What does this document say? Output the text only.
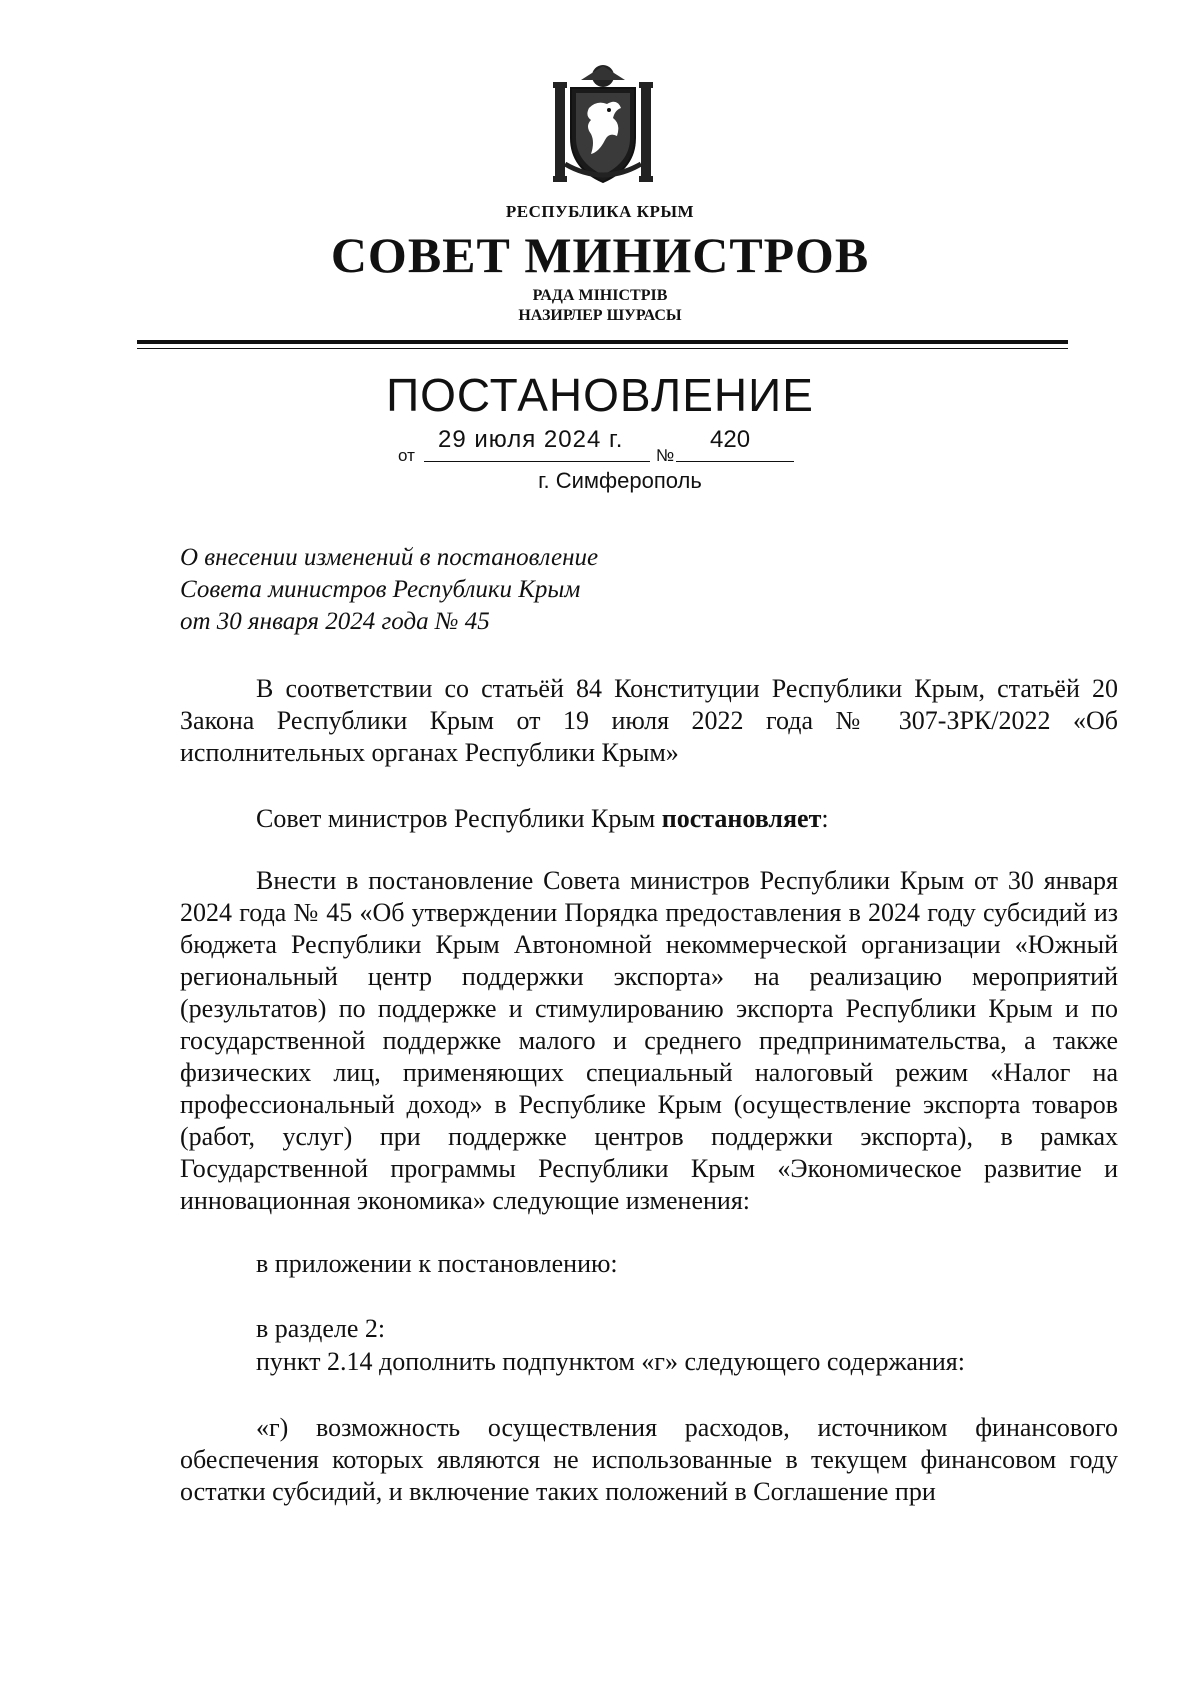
РЕСПУБЛИКА КРЫМ
СОВЕТ МИНИСТРОВ
РАДА МІНІСТРІВ
НАЗИРЛЕР ШУРАСЫ
ПОСТАНОВЛЕНИЕ
от
29 июля 2024 г.
№
420
г. Симферополь
О внесении изменений в постановление
Совета министров Республики Крым
от 30 января 2024 года № 45
В соответствии со статьёй 84 Конституции Республики Крым, статьёй 20 Закона Республики Крым от 19 июля 2022 года № 307-ЗРК/2022 «Об исполнительных органах Республики Крым»
Совет министров Республики Крым постановляет:
Внести в постановление Совета министров Республики Крым от 30 января 2024 года № 45 «Об утверждении Порядка предоставления в 2024 году субсидий из бюджета Республики Крым Автономной некоммерческой организации «Южный региональный центр поддержки экспорта» на реализацию мероприятий (результатов) по поддержке и стимулированию экспорта Республики Крым и по государственной поддержке малого и среднего предпринимательства, а также физических лиц, применяющих специальный налоговый режим «Налог на профессиональный доход» в Республике Крым (осуществление экспорта товаров (работ, услуг) при поддержке центров поддержки экспорта), в рамках Государственной программы Республики Крым «Экономическое развитие и инновационная экономика» следующие изменения:
в приложении к постановлению:
в разделе 2:
пункт 2.14 дополнить подпунктом «г» следующего содержания:
«г) возможность осуществления расходов, источником финансового обеспечения которых являются не использованные в текущем финансовом году остатки субсидий, и включение таких положений в Соглашение при
